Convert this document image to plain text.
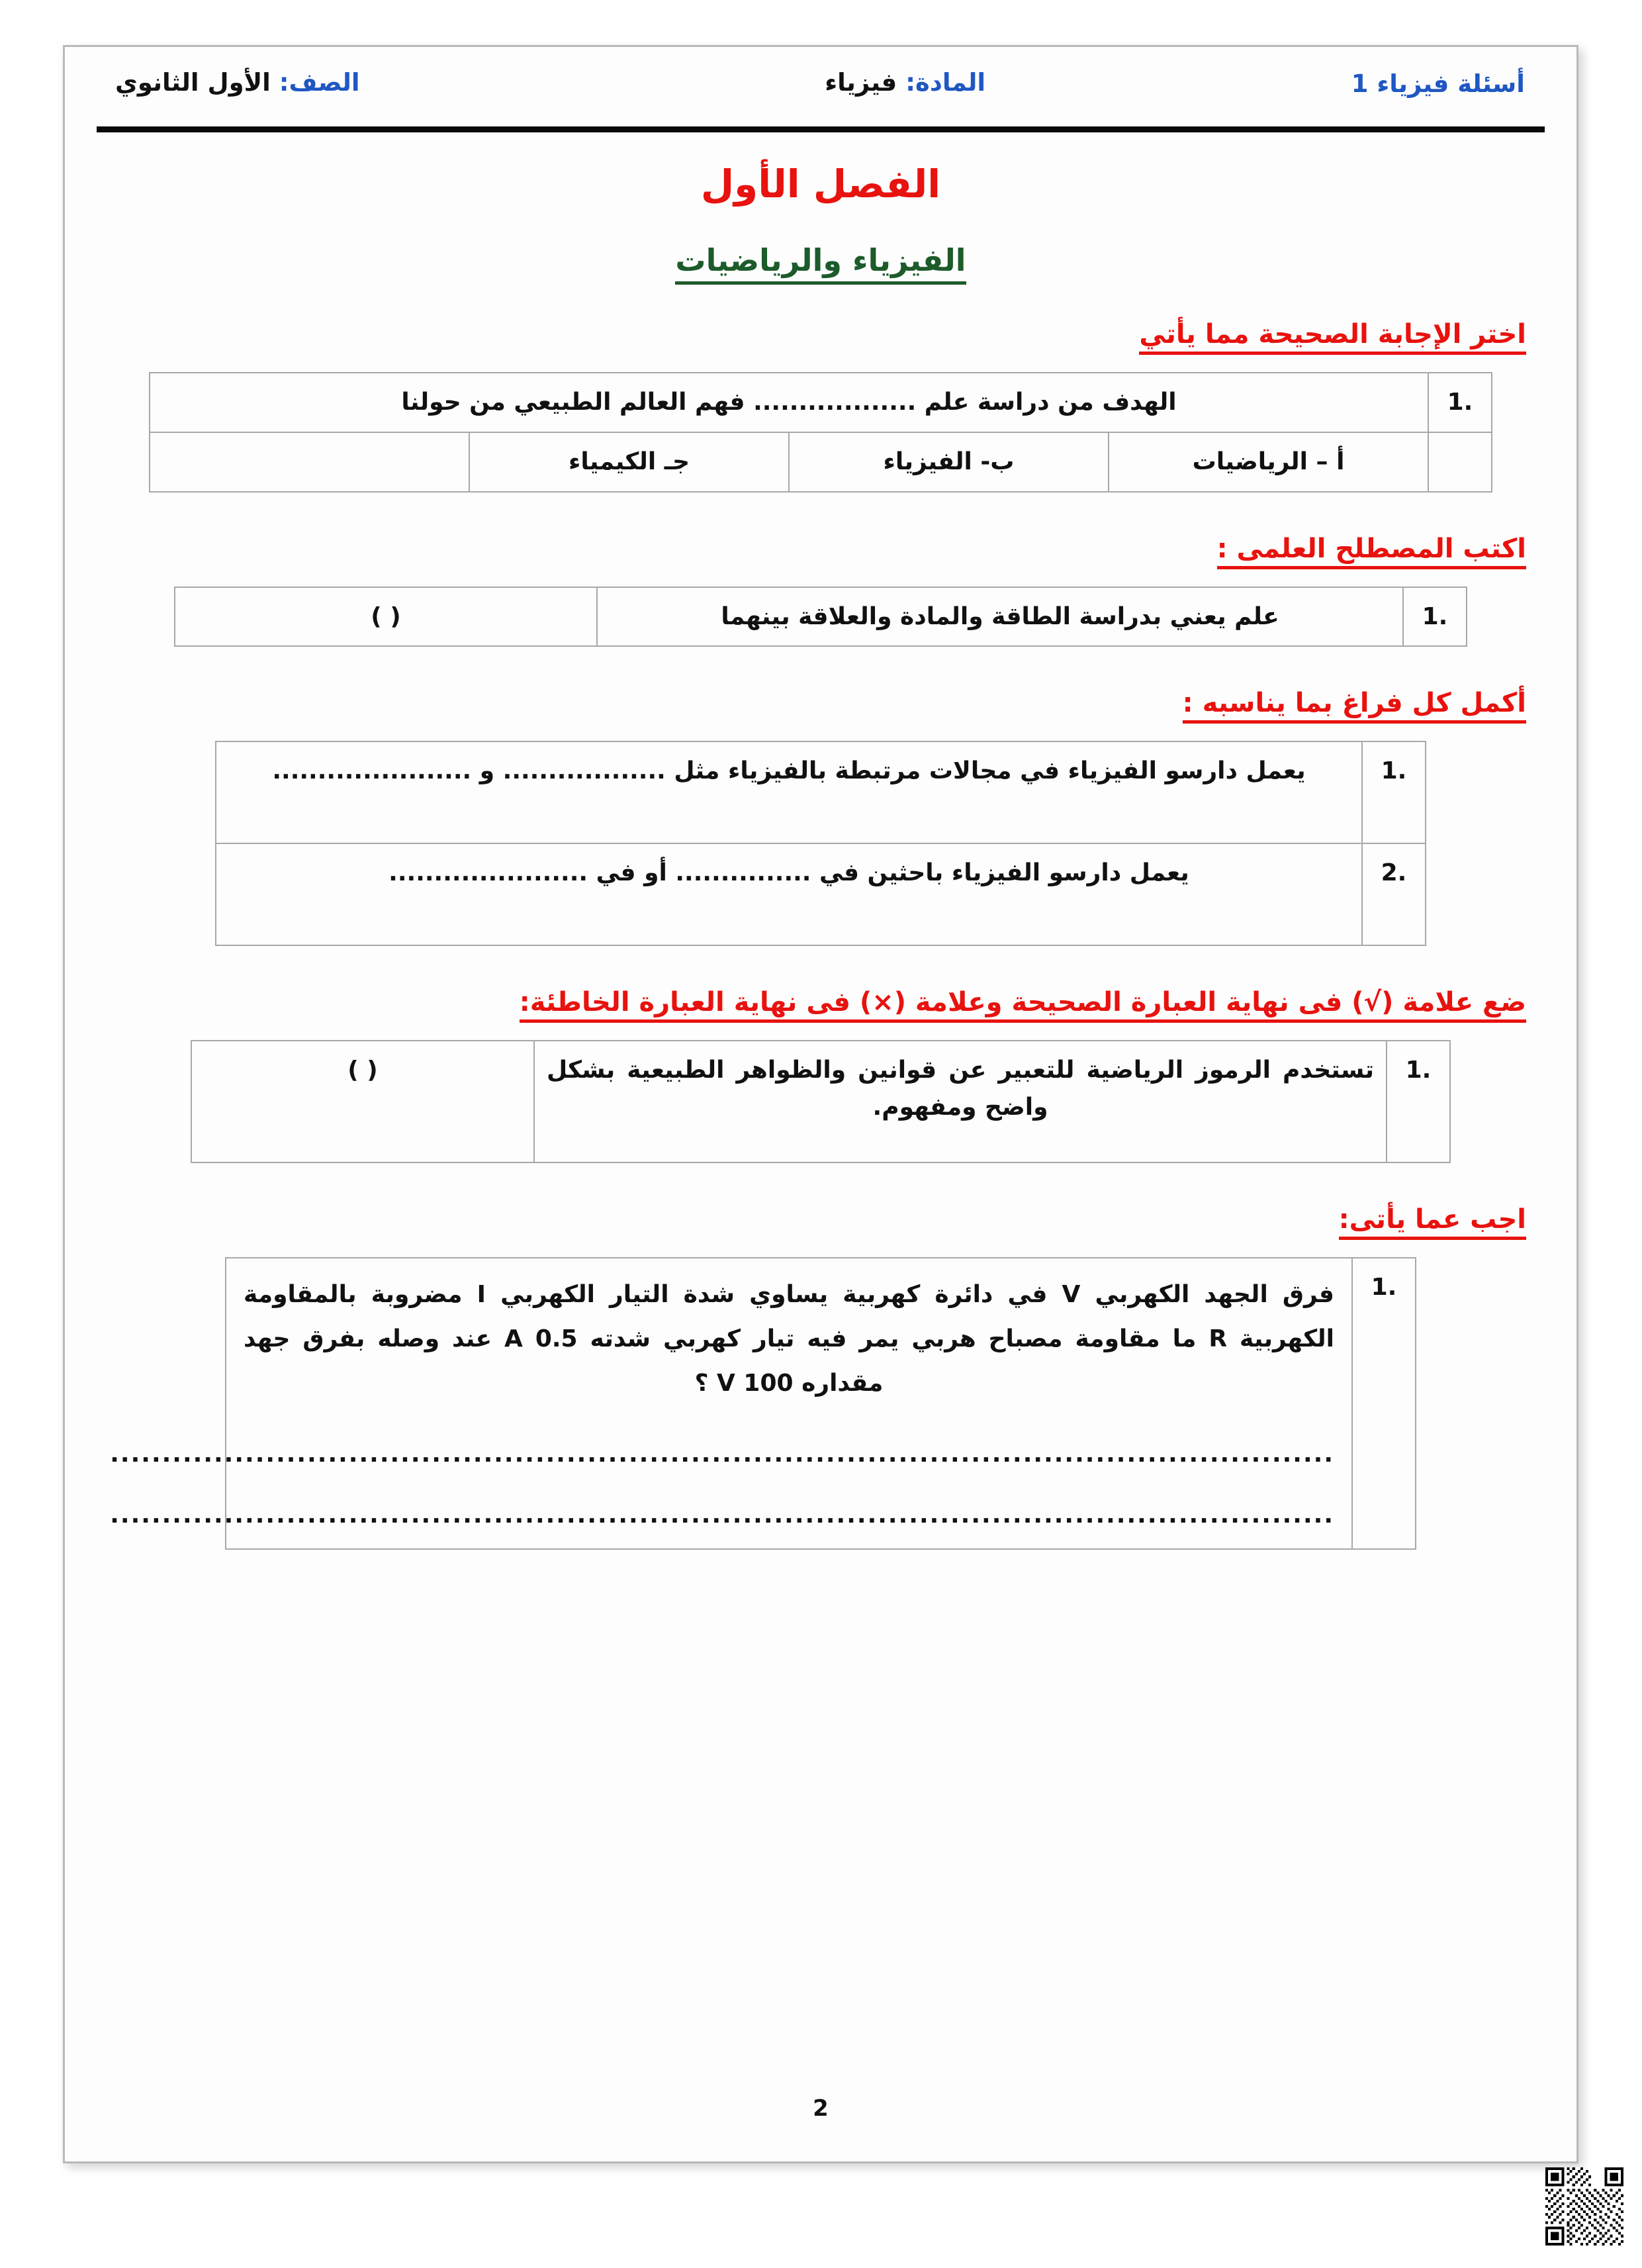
الصف: الأول الثانوي	المادة: فيزياء	أسئلة فيزياء 1
الفصل الأول
الفيزياء والرياضيات
اختر الإجابة الصحيحة مما يأتي
1.	الهدف من دراسة علم .................. فهم العالم الطبيعي من حولنا			
	أ – الرياضيات	ب- الفيزياء	جـ الكيمياء	
اكتب المصطلح العلمى :
1.	علم يعني بدراسة الطاقة والمادة والعلاقة بينهما	( )
أكمل كل فراغ بما يناسبه :
1.	يعمل دارسو الفيزياء في مجالات مرتبطة بالفيزياء مثل .................. و ......................
2.	يعمل دارسو الفيزياء باحثين في ............... أو في ......................
ضع علامة (√) فى نهاية العبارة الصحيحة وعلامة (×) فى نهاية العبارة الخاطئة:
1.	تستخدم الرموز الرياضية للتعبير عن قوانين والظواهر الطبيعية بشكل واضح ومفهوم.	( )
اجب عما يأتى:
1.	
فرق الجهد الكهربي V في دائرة كهربية يساوي شدة التيار الكهربي I مضروبة بالمقاومة الكهربية R ما مقاومة مصباح هربي يمر فيه تيار كهربي شدته 0.5 A عند وصله بفرق جهد مقداره 100 V ؟
......................................................................................................................
......................................................................................................................
2
